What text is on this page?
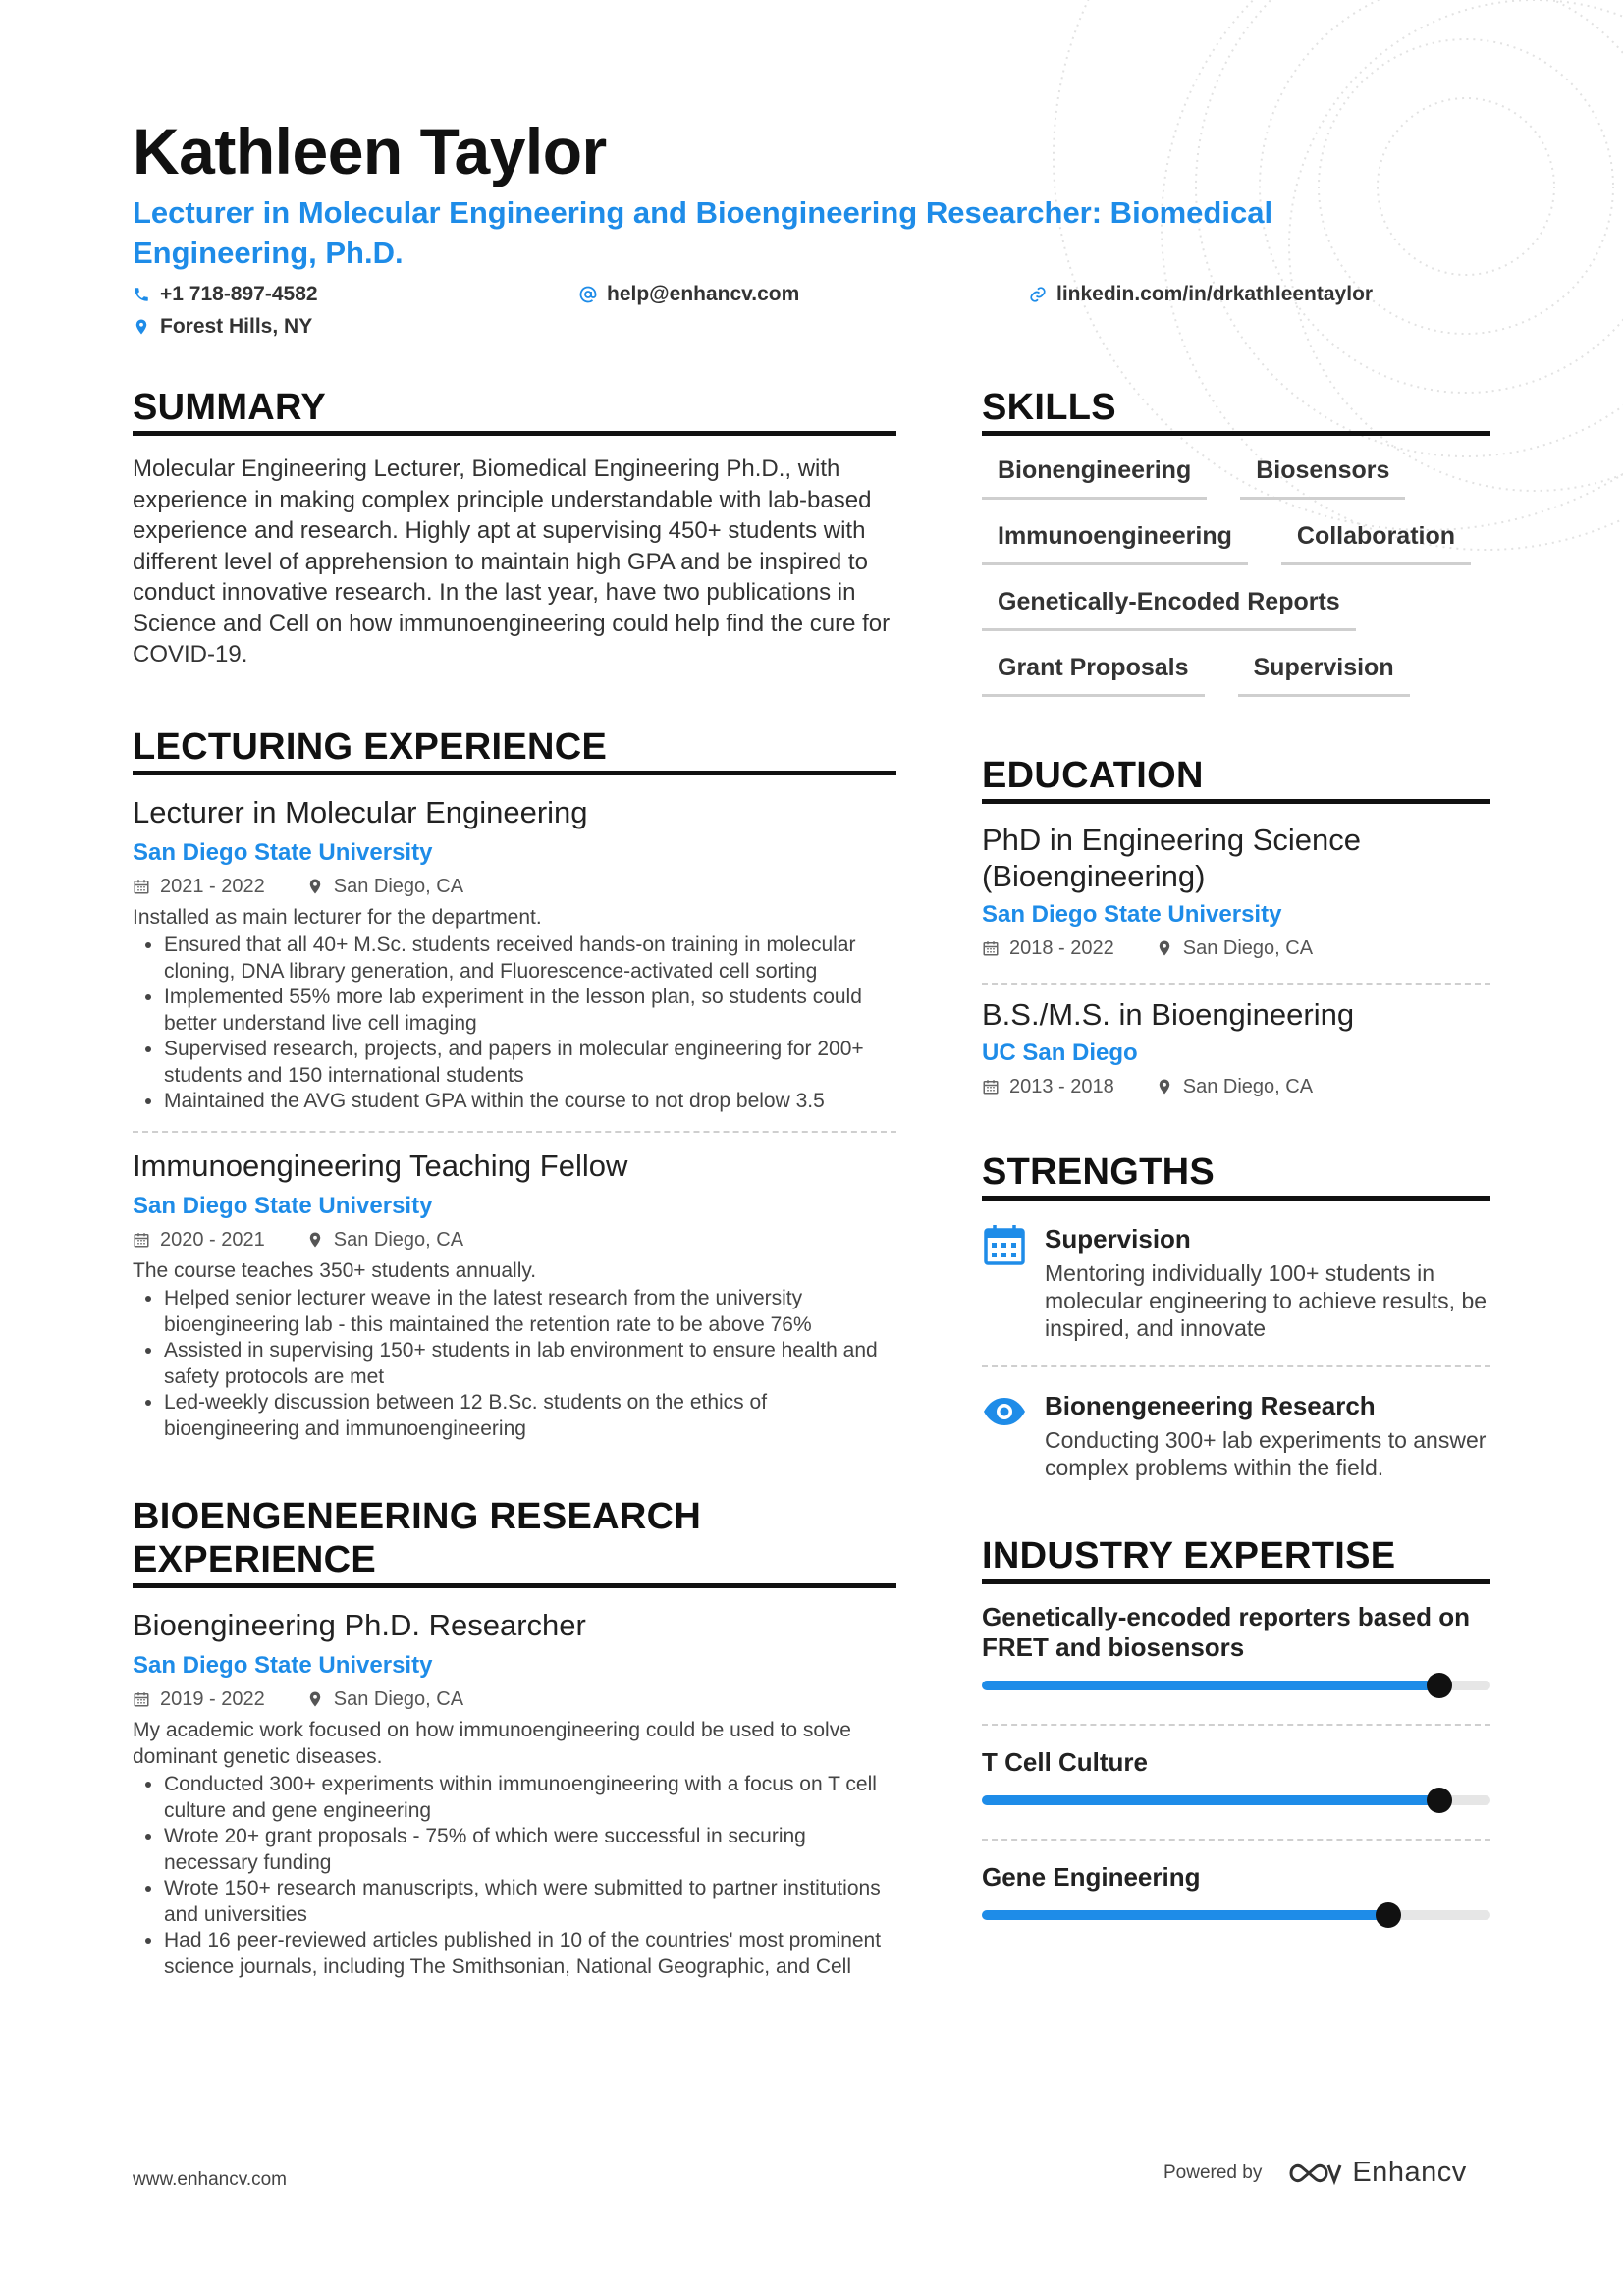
Kathleen Taylor
Lecturer in Molecular Engineering and Bioengineering Researcher: Biomedical Engineering, Ph.D.
+1 718-897-4582	help@enhancv.com	linkedin.com/in/drkathleentaylor
Forest Hills, NY
SUMMARY

Molecular Engineering Lecturer, Biomedical Engineering Ph.D., with experience in making complex principle understandable with lab-based experience and research. Highly apt at supervising 450+ students with different level of apprehension to maintain high GPA and be inspired to conduct innovative research. In the last year, have two publications in Science and Cell on how immunoengineering could help find the cure for COVID-19.

LECTURING EXPERIENCE
Lecturer in Molecular Engineering
San Diego State University
2021 - 2022	San Diego, CA
Installed as main lecturer for the department.
• Ensured that all 40+ M.Sc. students received hands-on training in molecular cloning, DNA library generation, and Fluorescence-activated cell sorting
• Implemented 55% more lab experiment in the lesson plan, so students could better understand live cell imaging
• Supervised research, projects, and papers in molecular engineering for 200+ students and 150 international students
• Maintained the AVG student GPA within the course to not drop below 3.5
Immunoengineering Teaching Fellow
San Diego State University
2020 - 2021	San Diego, CA
The course teaches 350+ students annually.
• Helped senior lecturer weave in the latest research from the university bioengineering lab - this maintained the retention rate to be above 76%
• Assisted in supervising 150+ students in lab environment to ensure health and safety protocols are met
• Led-weekly discussion between 12 B.Sc. students on the ethics of bioengineering and immunoengineering
BIOENGENEERING RESEARCH EXPERIENCE
Bioengineering Ph.D. Researcher
San Diego State University
2019 - 2022	San Diego, CA
My academic work focused on how immunoengineering could be used to solve dominant genetic diseases.
• Conducted 300+ experiments within immunoengineering with a focus on T cell culture and gene engineering
• Wrote 20+ grant proposals - 75% of which were successful in securing necessary funding
• Wrote 150+ research manuscripts, which were submitted to partner institutions and universities
• Had 16 peer-reviewed articles published in 10 of the countries' most prominent science journals, including The Smithsonian, National Geographic, and Cell
SKILLS
Bionengineering	Biosensors
Immunoengineering	Collaboration
Genetically-Encoded Reports
Grant Proposals	Supervision
EDUCATION
PhD in Engineering Science (Bioengineering)
San Diego State University
2018 - 2022	San Diego, CA
B.S./M.S. in Bioengineering
UC San Diego
2013 - 2018	San Diego, CA
STRENGTHS
Supervision
Mentoring individually 100+ students in molecular engineering to achieve results, be inspired, and innovate
Bionengeneering Research
Conducting 300+ lab experiments to answer complex problems within the field.
INDUSTRY EXPERTISE
Genetically-encoded reporters based on FRET and biosensors
T Cell Culture
Gene Engineering
www.enhancv.com	Powered by	Enhancv
